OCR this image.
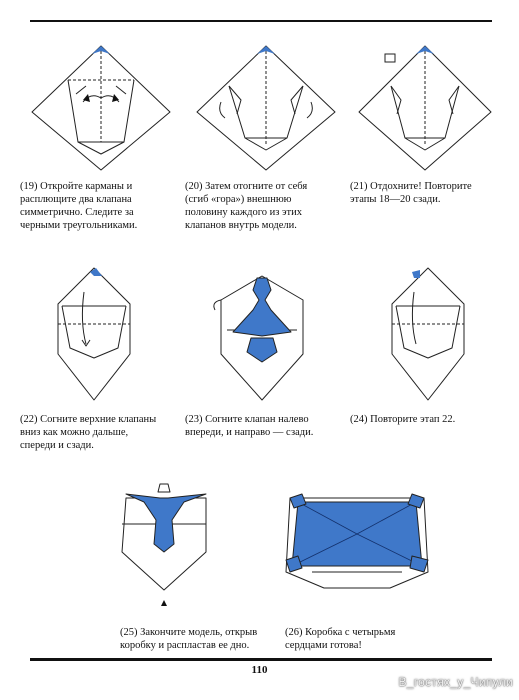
(19) Откройте карманы и
расплющите два клапана
симметрично. Следите за
черными треугольниками.
(20) Затем отогните от себя
(сгиб «гора») внешнюю
половину каждого из этих
клапанов внутрь модели.
(21) Отдохните! Повторите
этапы 18—20 сзади.
(22) Согните верхние клапаны
вниз как можно дальше,
спереди и сзади.
(23) Согните клапан налево
впереди, и направо — сзади.
(24) Повторите этап 22.
(25) Закончите модель, открыв
коробку и распластав ее дно.
(26) Коробка с четырьмя
сердцами готова!
110
В_гостях_у_Чипули
